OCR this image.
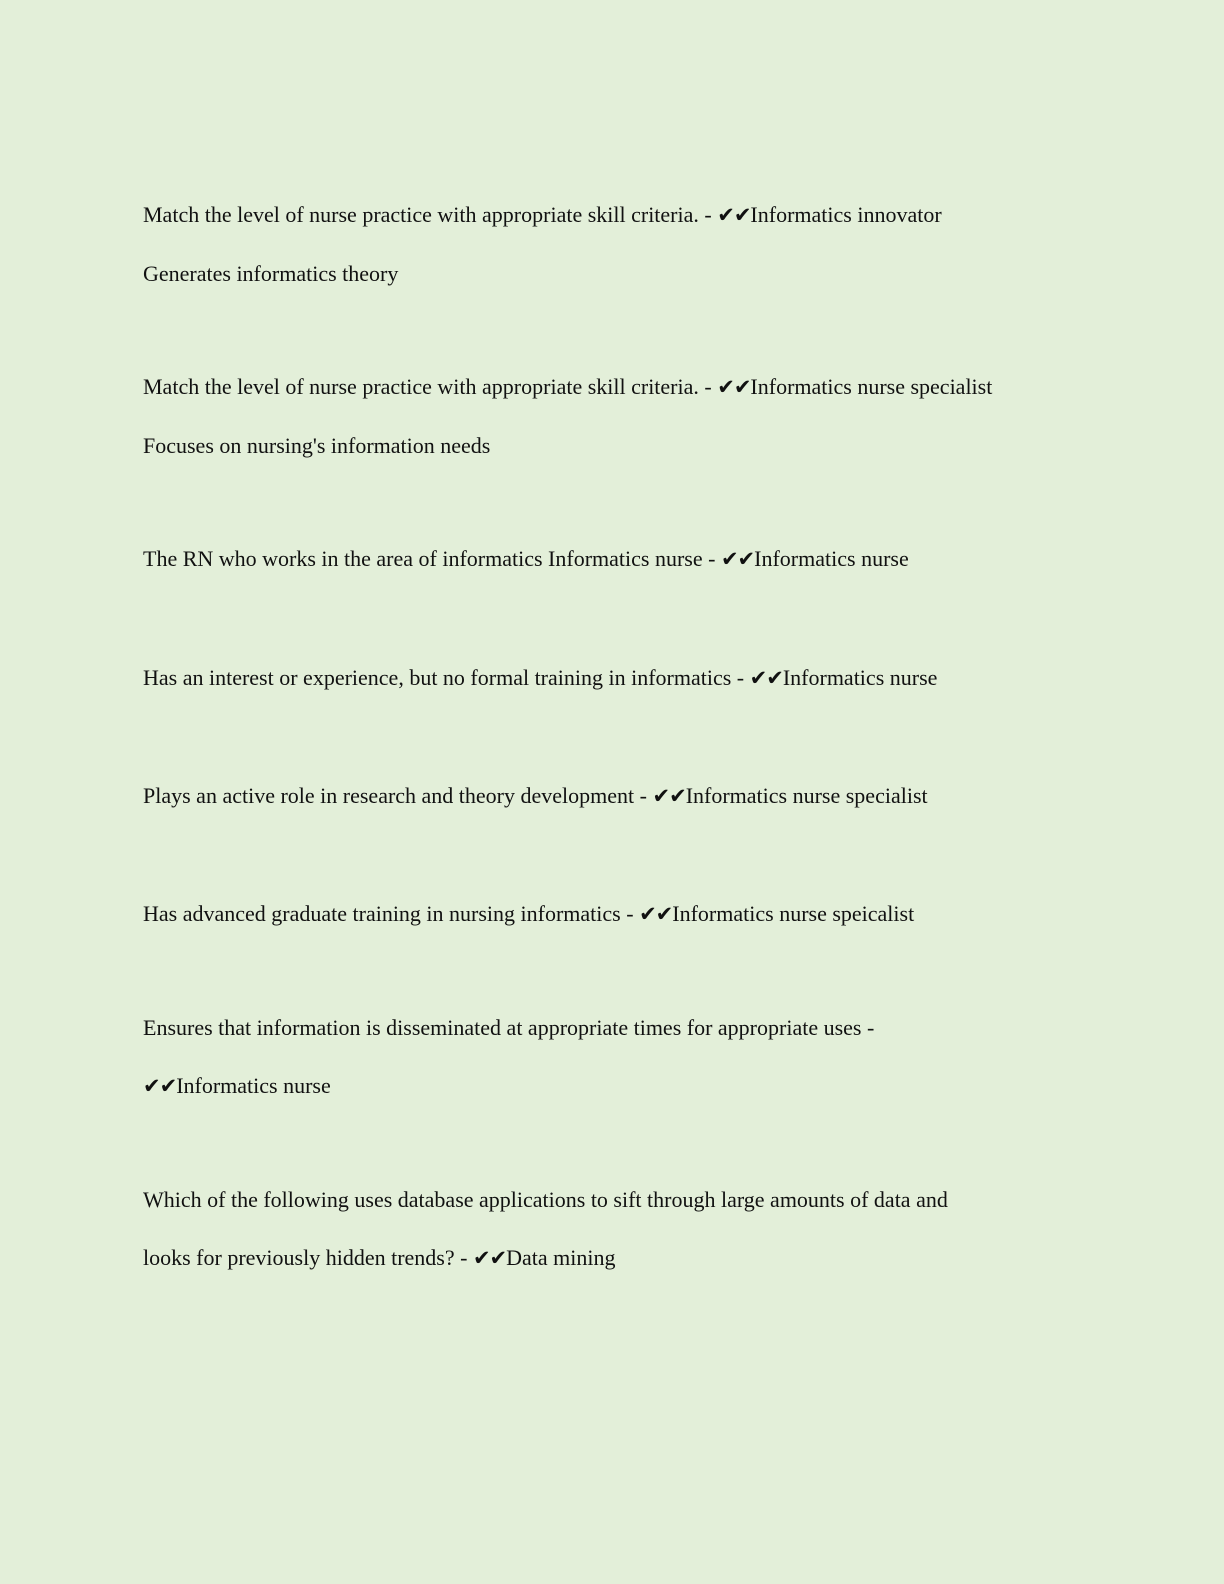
Match the level of nurse practice with appropriate skill criteria. - ✔✔Informatics innovator
Generates informatics theory
Match the level of nurse practice with appropriate skill criteria. - ✔✔Informatics nurse specialist
Focuses on nursing's information needs
The RN who works in the area of informatics Informatics nurse - ✔✔Informatics nurse
Has an interest or experience, but no formal training in informatics - ✔✔Informatics nurse
Plays an active role in research and theory development - ✔✔Informatics nurse specialist
Has advanced graduate training in nursing informatics - ✔✔Informatics nurse speicalist
Ensures that information is disseminated at appropriate times for appropriate uses -
✔✔Informatics nurse
Which of the following uses database applications to sift through large amounts of data and
looks for previously hidden trends? - ✔✔Data mining
